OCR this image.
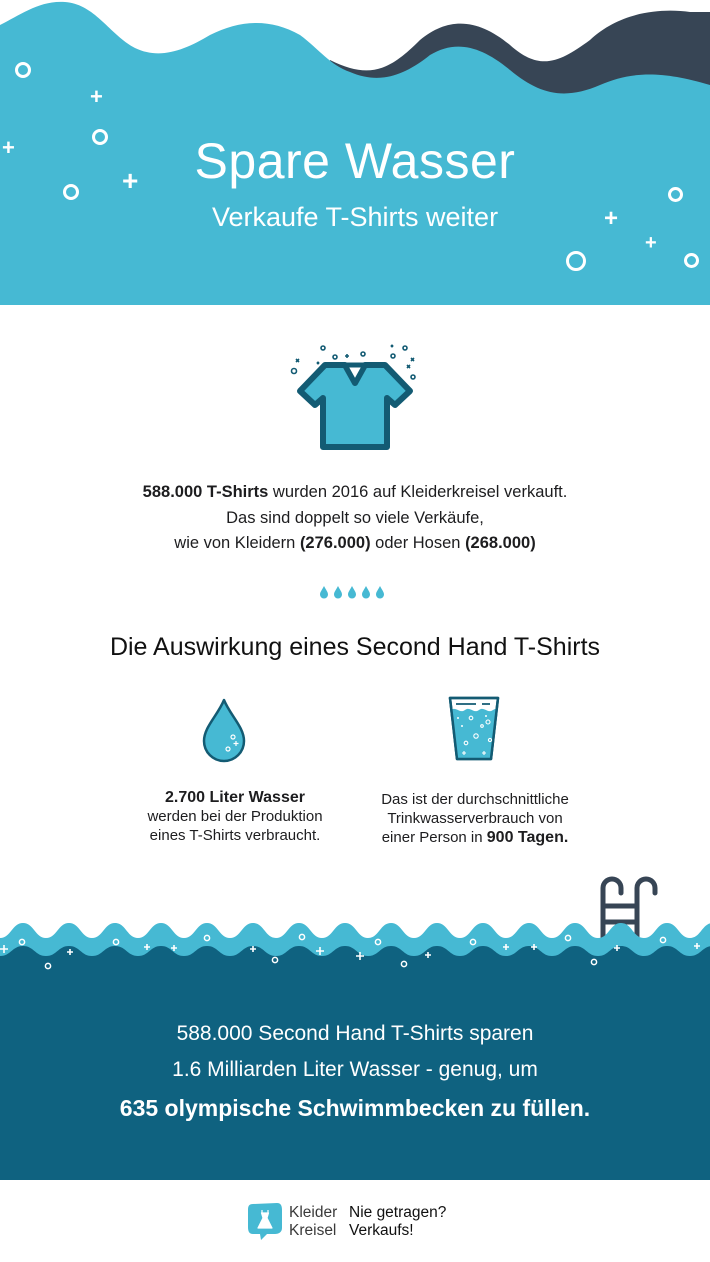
+
+
+
+
+
Spare Wasser
Verkaufe T-Shirts weiter
588.000 T-Shirts wurden 2016 auf Kleiderkreisel verkauft.
Das sind doppelt so viele Verkäufe,
wie von Kleidern (276.000) oder Hosen (268.000)
Die Auswirkung eines Second Hand T-Shirts
2.700 Liter Wasser
werden bei der Produktion
eines T-Shirts verbraucht.
Das ist der durchschnittliche
Trinkwasserverbrauch von
einer Person in 900 Tagen.
588.000 Second Hand T-Shirts sparen
1.6 Milliarden Liter Wasser - genug, um
635 olympische Schwimmbecken zu füllen.
Kleider
Kreisel
Nie getragen?
Verkaufs!
